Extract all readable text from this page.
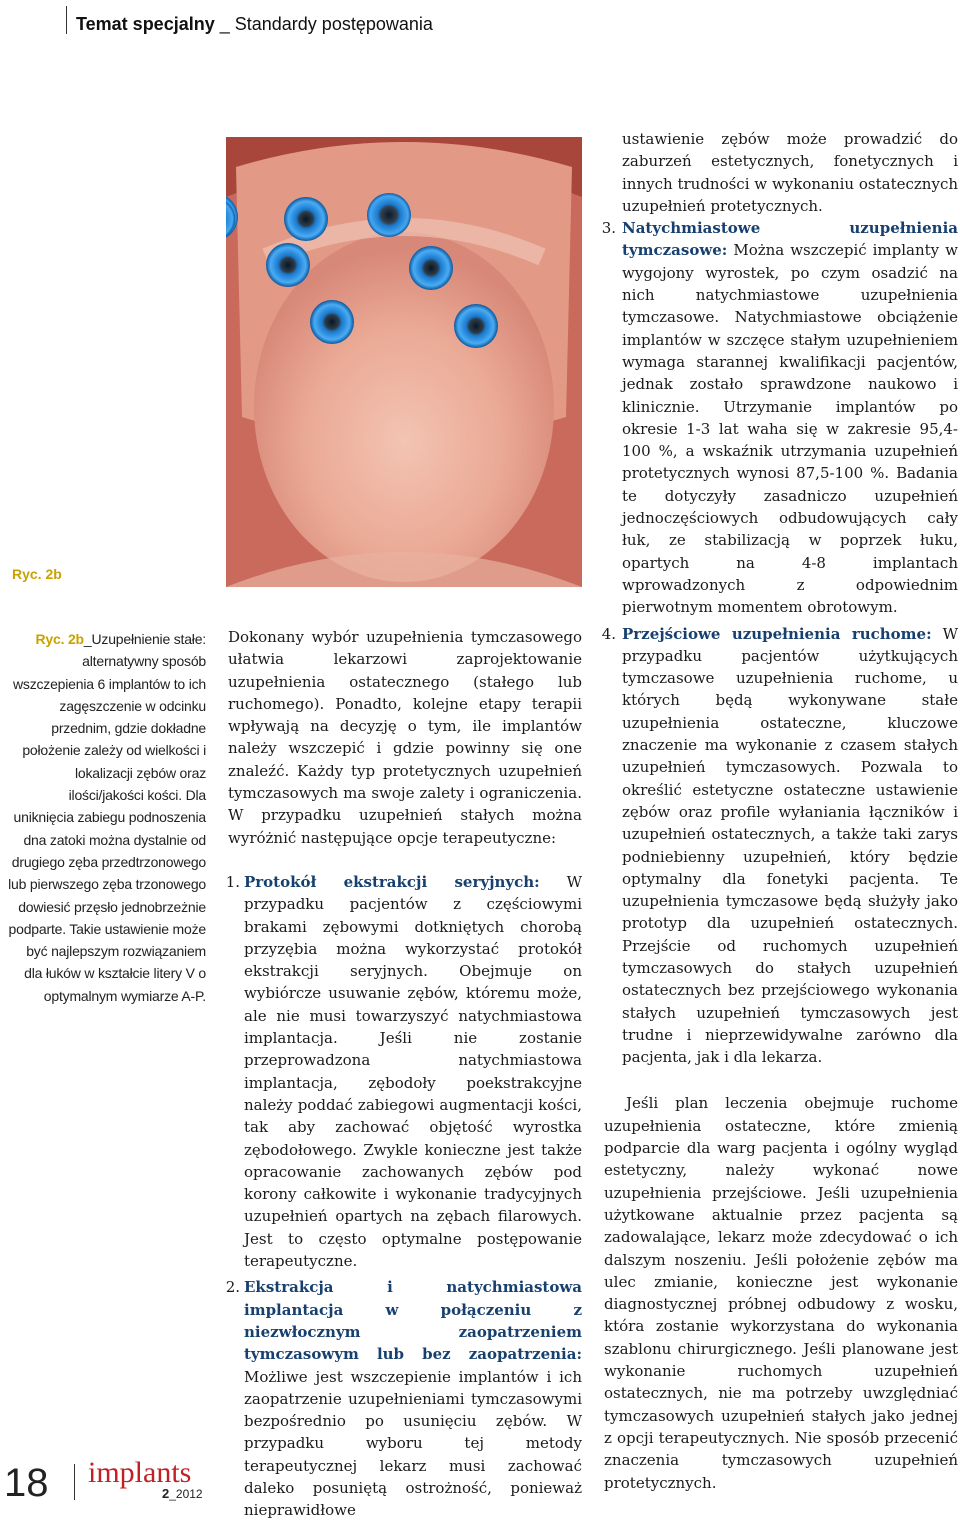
Temat specjalny _ Standardy postępowania
Ryc. 2b
Ryc. 2b_Uzupełnienie stałe: alternatywny sposób wszczepienia 6 implantów to ich zagęszczenie w odcinku przednim, gdzie dokładne położenie zależy od wielkości i lokalizacji zębów oraz ilości/jakości kości. Dla uniknięcia zabiegu podnoszenia dna zatoki można dystalnie od drugiego zęba przedtrzonowego lub pierwszego zęba trzonowego dowiesić przęsło jednobrzeżnie podparte. Takie ustawienie może być najlepszym rozwiązaniem dla łuków w kształcie litery V o optymalnym wymiarze A-P.

Dokonany wybór uzupełnienia tymczasowego ułatwia lekarzowi zaprojektowanie uzupełnienia ostatecznego (stałego lub ruchomego). Ponadto, kolejne etapy terapii wpływają na decyzję o tym, ile implantów należy wszczepić i gdzie powinny się one znaleźć. Każdy typ protetycznych uzupełnień tymczasowych ma swoje zalety i ograniczenia. W przypadku uzupełnień stałych można wyróżnić następujące opcje terapeutyczne:

1. Protokół ekstrakcji seryjnych: W przypadku pacjentów z częściowymi brakami zębowymi dotkniętych chorobą przyzębia można wykorzystać protokół ekstrakcji seryjnych. Obejmuje on wybiórcze usuwanie zębów, któremu może, ale nie musi towarzyszyć natychmiastowa implantacja. Jeśli nie zostanie przeprowadzona natychmiastowa implantacja, zębodoły poekstrakcyjne należy poddać zabiegowi augmentacji kości, tak aby zachować objętość wyrostka zębodołowego. Zwykle konieczne jest także opracowanie zachowanych zębów pod korony całkowite i wykonanie tradycyjnych uzupełnień opartych na zębach filarowych. Jest to często optymalne postępowanie terapeutyczne.
2. Ekstrakcja i natychmiastowa implantacja w połączeniu z niezwłocznym zaopatrzeniem tymczasowym lub bez zaopatrzenia: Możliwe jest wszczepienie implantów i ich zaopatrzenie uzupełnieniami tymczasowymi bezpośrednio po usunięciu zębów. W przypadku wyboru tej metody terapeutycznej lekarz musi zachować daleko posuniętą ostrożność, ponieważ nieprawidłowe

ustawienie zębów może prowadzić do zaburzeń estetycznych, fonetycznych i innych trudności w wykonaniu ostatecznych uzupełnień protetycznych.

3. Natychmiastowe uzupełnienia tymczasowe: Można wszczepić implanty w wygojony wyrostek, po czym osadzić na nich natychmiastowe uzupełnienia tymczasowe. Natychmiastowe obciążenie implantów w szczęce stałym uzupełnieniem wymaga starannej kwalifikacji pacjentów, jednak zostało sprawdzone naukowo i klinicznie. Utrzymanie implantów po okresie 1-3 lat waha się w zakresie 95,4-100 %, a wskaźnik utrzymania uzupełnień protetycznych wynosi 87,5-100 %. Badania te dotyczyły zasadniczo uzupełnień jednoczęściowych odbudowujących cały łuk, ze stabilizacją w poprzek łuku, opartych na 4-8 implantach wprowadzonych z odpowiednim pierwotnym momentem obrotowym.
4. Przejściowe uzupełnienia ruchome: W przypadku pacjentów użytkujących tymczasowe uzupełnienia ruchome, u których będą wykonywane stałe uzupełnienia ostateczne, kluczowe znaczenie ma wykonanie z czasem stałych uzupełnień tymczasowych. Pozwala to określić estetyczne ostateczne ustawienie zębów oraz profile wyłaniania łączników i uzupełnień ostatecznych, a także taki zarys podniebienny uzupełnień, który będzie optymalny dla fonetyki pacjenta. Te uzupełnienia tymczasowe będą służyły jako prototyp dla uzupełnień ostatecznych. Przejście od ruchomych uzupełnień tymczasowych do stałych uzupełnień ostatecznych bez przejściowego wykonania stałych uzupełnień tymczasowych jest trudne i nieprzewidywalne zarówno dla pacjenta, jak i dla lekarza.

Jeśli plan leczenia obejmuje ruchome uzupełnienia ostateczne, które zmienią podparcie dla warg pacjenta i ogólny wygląd estetyczny, należy wykonać nowe uzupełnienia przejściowe. Jeśli uzupełnienia użytkowane aktualnie przez pacjenta są zadowalające, lekarz może zdecydować o ich dalszym noszeniu. Jeśli położenie zębów ma ulec zmianie, konieczne jest wykonanie diagnostycznej próbnej odbudowy z wosku, która zostanie wykorzystana do wykonania szablonu chirurgicznego. Jeśli planowane jest wykonanie ruchomych uzupełnień ostatecznych, nie ma potrzeby uwzględniać tymczasowych uzupełnień stałych jako jednej z opcji terapeutycznych. Nie sposób przecenić znaczenia tymczasowych uzupełnień protetycznych.

18 implants
2_2012
